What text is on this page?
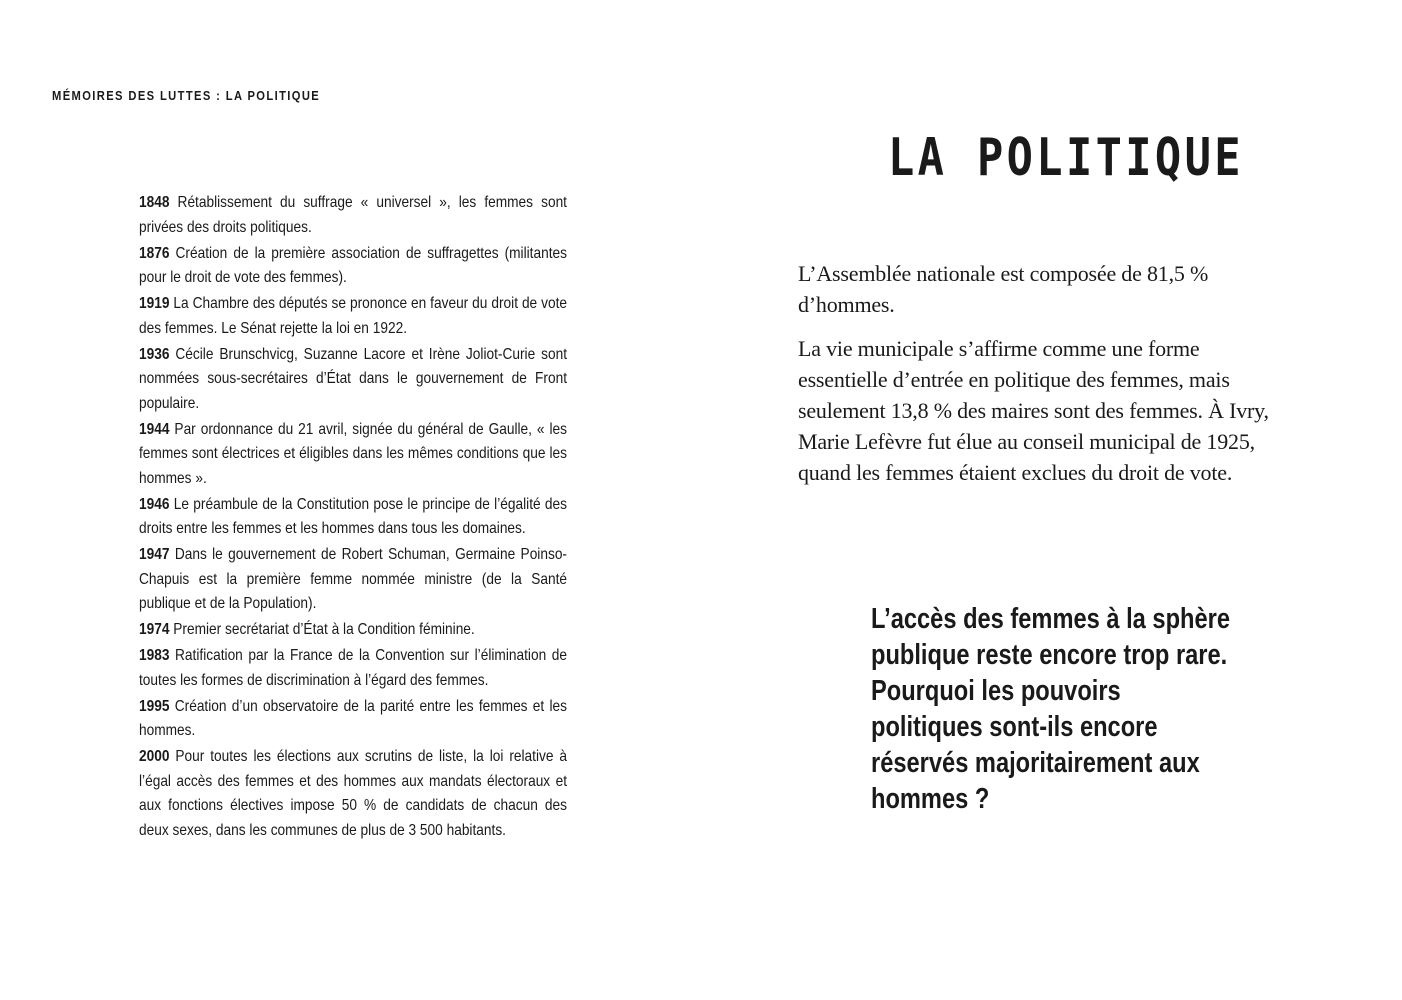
MÉMOIRES DES LUTTES : LA POLITIQUE

1848 Rétablissement du suffrage « universel », les femmes sont privées des droits politiques.

1876 Création de la première association de suffragettes (militantes pour le droit de vote des femmes).

1919 La Chambre des députés se prononce en faveur du droit de vote des femmes. Le Sénat rejette la loi en 1922.

1936 Cécile Brunschvicg, Suzanne Lacore et Irène Joliot-Curie sont nommées sous-secrétaires d’État dans le gouvernement de Front populaire.

1944 Par ordonnance du 21 avril, signée du général de Gaulle, « les femmes sont électrices et éligibles dans les mêmes conditions que les hommes ».

1946 Le préambule de la Constitution pose le principe de l’égalité des droits entre les femmes et les hommes dans tous les domaines.

1947 Dans le gouvernement de Robert Schuman, Germaine Poinso-Chapuis est la première femme nommée ministre (de la Santé publique et de la Population).

1974 Premier secrétariat d’État à la Condition féminine.

1983 Ratification par la France de la Convention sur l’élimination de toutes les formes de discrimination à l’égard des femmes.

1995 Création d’un observatoire de la parité entre les femmes et les hommes.

2000 Pour toutes les élections aux scrutins de liste, la loi relative à l’égal accès des femmes et des hommes aux mandats électoraux et aux fonctions électives impose 50 % de candidats de chacun des deux sexes, dans les communes de plus de 3 500 habitants.

LA POLITIQUE

L’Assemblée nationale est composée de 81,5 % d’hommes.

La vie municipale s’affirme comme une forme essentielle d’entrée en politique des femmes, mais seulement 13,8 % des maires sont des femmes. À Ivry, Marie Lefèvre fut élue au conseil municipal de 1925, quand les femmes étaient exclues du droit de vote.

L’accès des femmes à la sphère publique reste encore trop rare. Pourquoi les pouvoirs politiques sont-ils encore réservés majoritairement aux hommes ?
